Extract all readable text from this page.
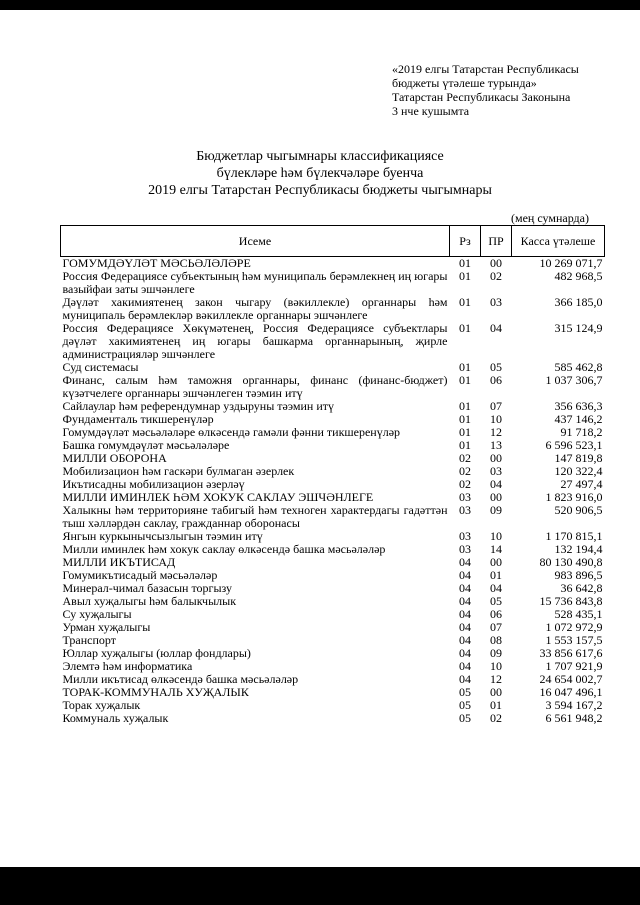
«2019 елгы Татарстан Республикасы
бюджеты үтәлеше турында»
Татарстан Республикасы Законына
3 нче кушымта
Бюджетлар чыгымнары классификациясе
бүлекләре һәм бүлекчәләре буенча
2019 елгы Татарстан Республикасы бюджеты чыгымнары
(мең сумнарда)
Исеме	Рз	ПР	Касса үтәлеше
ГОМУМДӘҮЛӘТ МӘСЬӘЛӘЛӘРЕ	01	00	10 269 071,7
Россия Федерациясе субъектының һәм муниципаль берәмлекнең иң югары вазыйфаи заты эшчәнлеге	01	02	482 968,5
Дәүләт хакимиятенең закон чыгару (вәкиллекле) органнары һәм муниципаль берәмлекләр вәкиллекле органнары эшчәнлеге	01	03	366 185,0
Россия Федерациясе Хөкүмәтенең, Россия Федерациясе субъектлары дәүләт хакимиятенең иң югары башкарма органнарының, җирле администрацияләр эшчәнлеге	01	04	315 124,9
Суд системасы	01	05	585 462,8
Финанс, салым һәм таможня органнары, финанс (финанс-бюджет) күзәтчелеге органнары эшчәнлеген тәэмин итү	01	06	1 037 306,7
Сайлаулар һәм референдумнар уздыруны тәэмин итү	01	07	356 636,3
Фундаменталь тикшеренүләр	01	10	437 146,2
Гомумдәүләт мәсьәләләре өлкәсендә гамәли фәнни тикшеренүләр	01	12	91 718,2
Башка гомумдәүләт мәсьәләләре	01	13	6 596 523,1
МИЛЛИ ОБОРОНА	02	00	147 819,8
Мобилизацион һәм гаскәри булмаган әзерлек	02	03	120 322,4
Икътисадны мобилизацион әзерләү	02	04	27 497,4
МИЛЛИ ИМИНЛЕК ҺӘМ ХОКУК САКЛАУ ЭШЧӘНЛЕГЕ	03	00	1 823 916,0
Халыкны һәм территорияне табигый һәм техноген характердагы гадәттән тыш хәлләрдән саклау, гражданнар оборонасы	03	09	520 906,5
Янгын куркынычсызлыгын тәэмин итү	03	10	1 170 815,1
Милли иминлек һәм хокук саклау өлкәсендә башка мәсьәләләр	03	14	132 194,4
МИЛЛИ ИКЪТИСАД	04	00	80 130 490,8
Гомумикътисадый мәсьәләләр	04	01	983 896,5
Минерал-чимал базасын торгызу	04	04	36 642,8
Авыл хуҗалыгы һәм балыкчылык	04	05	15 736 843,8
Су хуҗалыгы	04	06	528 435,1
Урман хуҗалыгы	04	07	1 072 972,9
Транспорт	04	08	1 553 157,5
Юллар хуҗалыгы (юллар фондлары)	04	09	33 856 617,6
Элемтә һәм информатика	04	10	1 707 921,9
Милли икътисад өлкәсендә башка мәсьәләләр	04	12	24 654 002,7
ТОРАК-КОММУНАЛЬ ХУҖАЛЫК	05	00	16 047 496,1
Торак хуҗалык	05	01	3 594 167,2
Коммуналь хуҗалык	05	02	6 561 948,2
